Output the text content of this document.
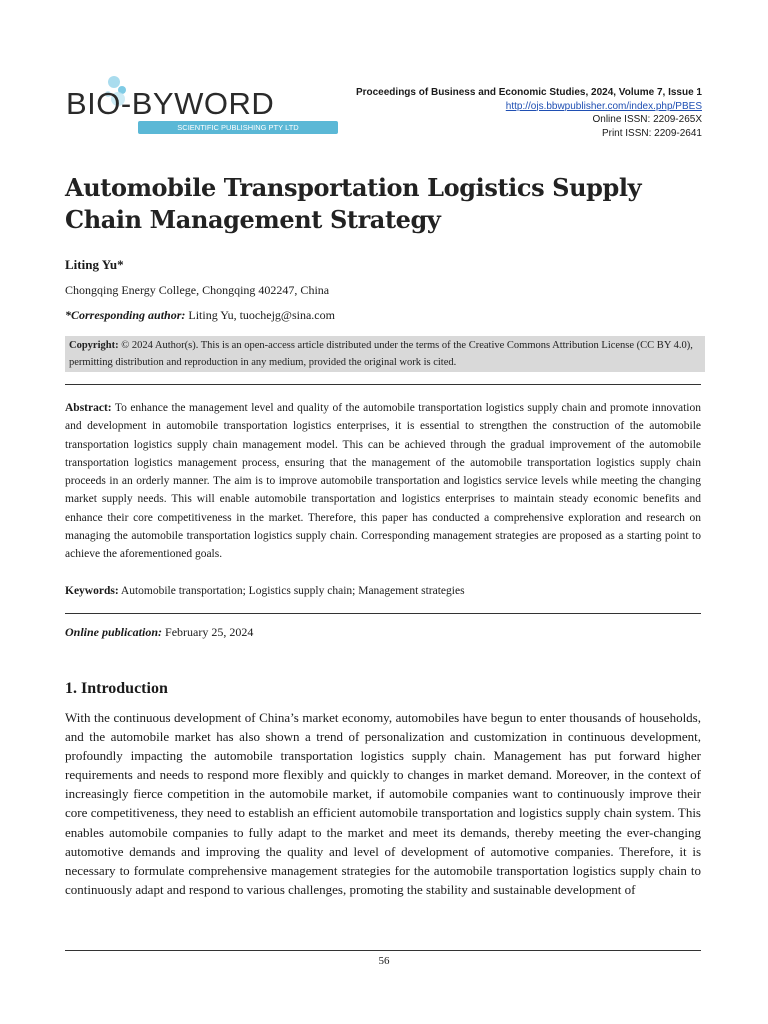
BIO-BYWORD
SCIENTIFIC PUBLISHING PTY LTD
Proceedings of Business and Economic Studies, 2024, Volume 7, Issue 1
http://ojs.bbwpublisher.com/index.php/PBES
Online ISSN: 2209-265X
Print ISSN: 2209-2641
Automobile Transportation Logistics Supply Chain Management Strategy
Liting Yu*
Chongqing Energy College, Chongqing 402247, China
*Corresponding author: Liting Yu, tuochejg@sina.com
Copyright: © 2024 Author(s). This is an open-access article distributed under the terms of the Creative Commons Attribution License (CC BY 4.0), permitting distribution and reproduction in any medium, provided the original work is cited.

Abstract: To enhance the management level and quality of the automobile transportation logistics supply chain and promote innovation and development in automobile transportation logistics enterprises, it is essential to strengthen the construction of the automobile transportation logistics supply chain management model. This can be achieved through the gradual improvement of the automobile transportation logistics management process, ensuring that the management of the automobile transportation logistics supply chain proceeds in an orderly manner. The aim is to improve automobile transportation and logistics service levels while meeting the changing market supply needs. This will enable automobile transportation and logistics enterprises to maintain steady economic benefits and enhance their core competitiveness in the market. Therefore, this paper has conducted a comprehensive exploration and research on managing the automobile transportation logistics supply chain. Corresponding management strategies are proposed as a starting point to achieve the aforementioned goals.

Keywords: Automobile transportation; Logistics supply chain; Management strategies
Online publication: February 25, 2024
1. Introduction

With the continuous development of China’s market economy, automobiles have begun to enter thousands of households, and the automobile market has also shown a trend of personalization and customization in continuous development, profoundly impacting the automobile transportation logistics supply chain. Management has put forward higher requirements and needs to respond more flexibly and quickly to changes in market demand. Moreover, in the context of increasingly fierce competition in the automobile market, if automobile companies want to continuously improve their core competitiveness, they need to establish an efficient automobile transportation and logistics supply chain system. This enables automobile companies to fully adapt to the market and meet its demands, thereby meeting the ever-changing automotive demands and improving the quality and level of development of automotive companies. Therefore, it is necessary to formulate comprehensive management strategies for the automobile transportation logistics supply chain to continuously adapt and respond to various challenges, promoting the stability and sustainable development of

56
